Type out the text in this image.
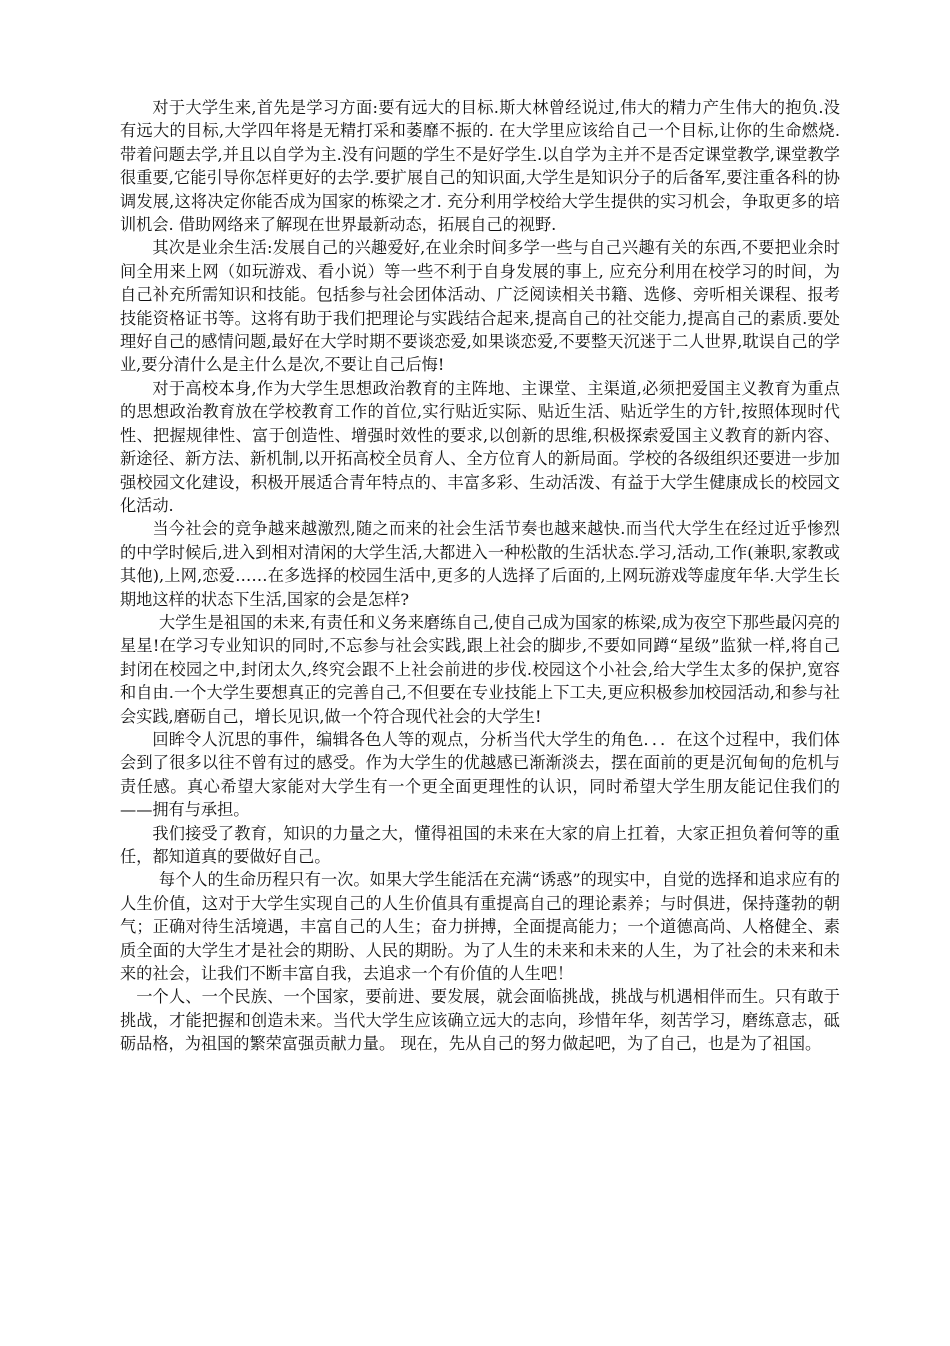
对于大学生来,首先是学习方面:要有远大的目标.斯大林曾经说过,伟大的精力产生伟大的抱负.没有远大的目标,大学四年将是无精打采和萎靡不振的. 在大学里应该给自己一个目标,让你的生命燃烧.带着问题去学,并且以自学为主.没有问题的学生不是好学生.以自学为主并不是否定课堂教学,课堂教学很重要,它能引导你怎样更好的去学.要扩展自己的知识面,大学生是知识分子的后备军,要注重各科的协调发展,这将决定你能否成为国家的栋梁之才. 充分利用学校给大学生提供的实习机会，争取更多的培训机会. 借助网络来了解现在世界最新动态，拓展自己的视野.

其次是业余生活:发展自己的兴趣爱好,在业余时间多学一些与自己兴趣有关的东西,不要把业余时间全用来上网（如玩游戏、看小说）等一些不利于自身发展的事上, 应充分利用在校学习的时间，为自己补充所需知识和技能。包括参与社会团体活动、广泛阅读相关书籍、选修、旁听相关课程、报考技能资格证书等。这将有助于我们把理论与实践结合起来,提高自己的社交能力,提高自己的素质.要处理好自己的感情问题,最好在大学时期不要谈恋爱,如果谈恋爱,不要整天沉迷于二人世界,耽误自己的学业,要分清什么是主什么是次,不要让自己后悔!

对于高校本身,作为大学生思想政治教育的主阵地、主课堂、主渠道,必须把爱国主义教育为重点的思想政治教育放在学校教育工作的首位,实行贴近实际、贴近生活、贴近学生的方针,按照体现时代性、把握规律性、富于创造性、增强时效性的要求,以创新的思维,积极探索爱国主义教育的新内容、新途径、新方法、新机制,以开拓高校全员育人、全方位育人的新局面。学校的各级组织还要进一步加强校园文化建设，积极开展适合青年特点的、丰富多彩、生动活泼、有益于大学生健康成长的校园文化活动.

当今社会的竞争越来越激烈,随之而来的社会生活节奏也越来越快.而当代大学生在经过近乎惨烈的中学时候后,进入到相对清闲的大学生活,大都进入一种松散的生活状态.学习,活动,工作(兼职,家教或其他),上网,恋爱……在多选择的校园生活中,更多的人选择了后面的,上网玩游戏等虚度年华.大学生长期地这样的状态下生活,国家的会是怎样?

大学生是祖国的未来,有责任和义务来磨练自己,使自己成为国家的栋梁,成为夜空下那些最闪亮的星星!在学习专业知识的同时,不忘参与社会实践,跟上社会的脚步,不要如同蹲“星级”监狱一样,将自己封闭在校园之中,封闭太久,终究会跟不上社会前进的步伐.校园这个小社会,给大学生太多的保护,宽容和自由.一个大学生要想真正的完善自己,不但要在专业技能上下工夫,更应积极参加校园活动,和参与社会实践,磨砺自己，增长见识,做一个符合现代社会的大学生!

回眸令人沉思的事件，编辑各色人等的观点，分析当代大学生的角色．．．在这个过程中，我们体会到了很多以往不曾有过的感受。作为大学生的优越感已渐渐淡去，摆在面前的更是沉甸甸的危机与责任感。真心希望大家能对大学生有一个更全面更理性的认识，同时希望大学生朋友能记住我们的——拥有与承担。

我们接受了教育，知识的力量之大，懂得祖国的未来在大家的肩上扛着，大家正担负着何等的重任，都知道真的要做好自己。

每个人的生命历程只有一次。如果大学生能活在充满“诱惑”的现实中，自觉的选择和追求应有的人生价值，这对于大学生实现自己的人生价值具有重提高自己的理论素养；与时俱进，保持蓬勃的朝气；正确对待生活境遇，丰富自己的人生；奋力拼搏，全面提高能力；一个道德高尚、人格健全、素质全面的大学生才是社会的期盼、人民的期盼。为了人生的未来和未来的人生，为了社会的未来和未来的社会，让我们不断丰富自我，去追求一个有价值的人生吧！

一个人、一个民族、一个国家，要前进、要发展，就会面临挑战，挑战与机遇相伴而生。只有敢于挑战，才能把握和创造未来。当代大学生应该确立远大的志向，珍惜年华，刻苦学习，磨练意志，砥砺品格，为祖国的繁荣富强贡献力量。 现在，先从自己的努力做起吧，为了自己，也是为了祖国。
